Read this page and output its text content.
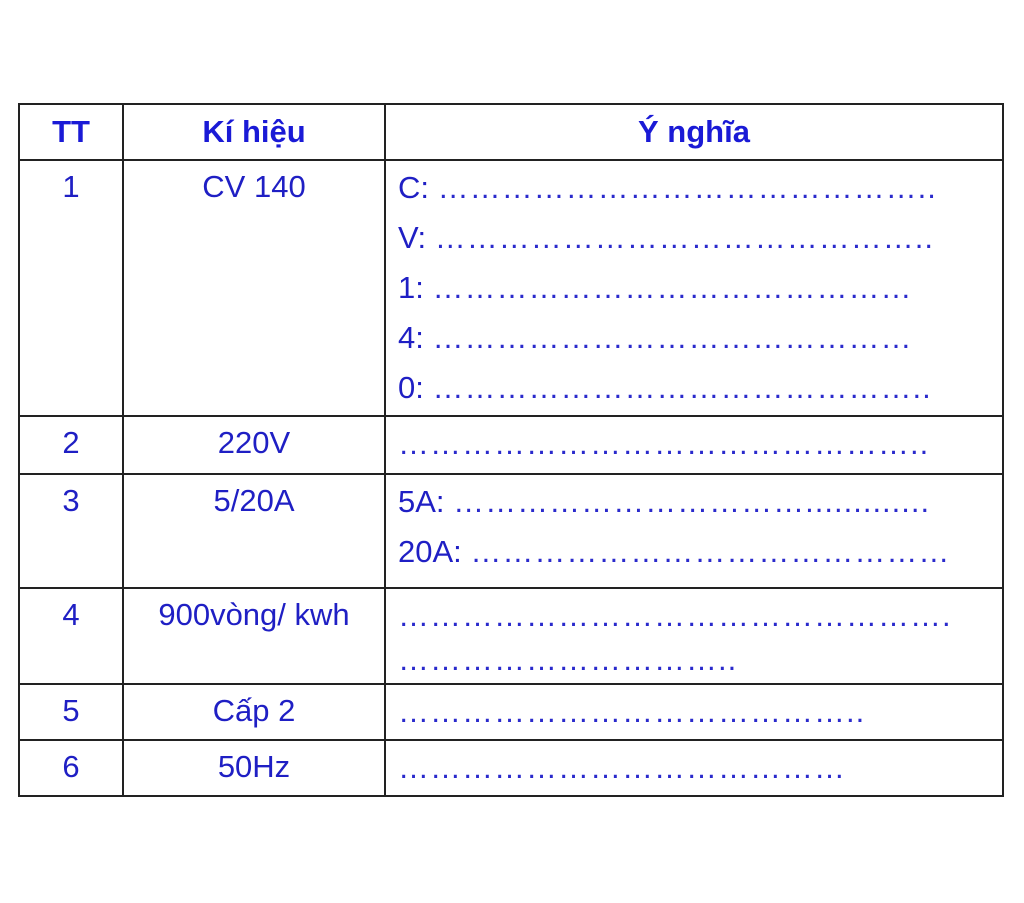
TT	Kí hiệu	Ý nghĩa
1	CV 140	C: ………………………………………..
V: ………………………………………..
1: ………………………………………
4: ………………………………………
0: ………………………………………..

2	220V	…………………………………………..

3	5/20A	5A: …………………………….............
20A: ………………………………………

4	900vòng/ kwh	…………………………………………….
…………………………..

5	Cấp 2	……………………………………..

6	50Hz	……………………………………
